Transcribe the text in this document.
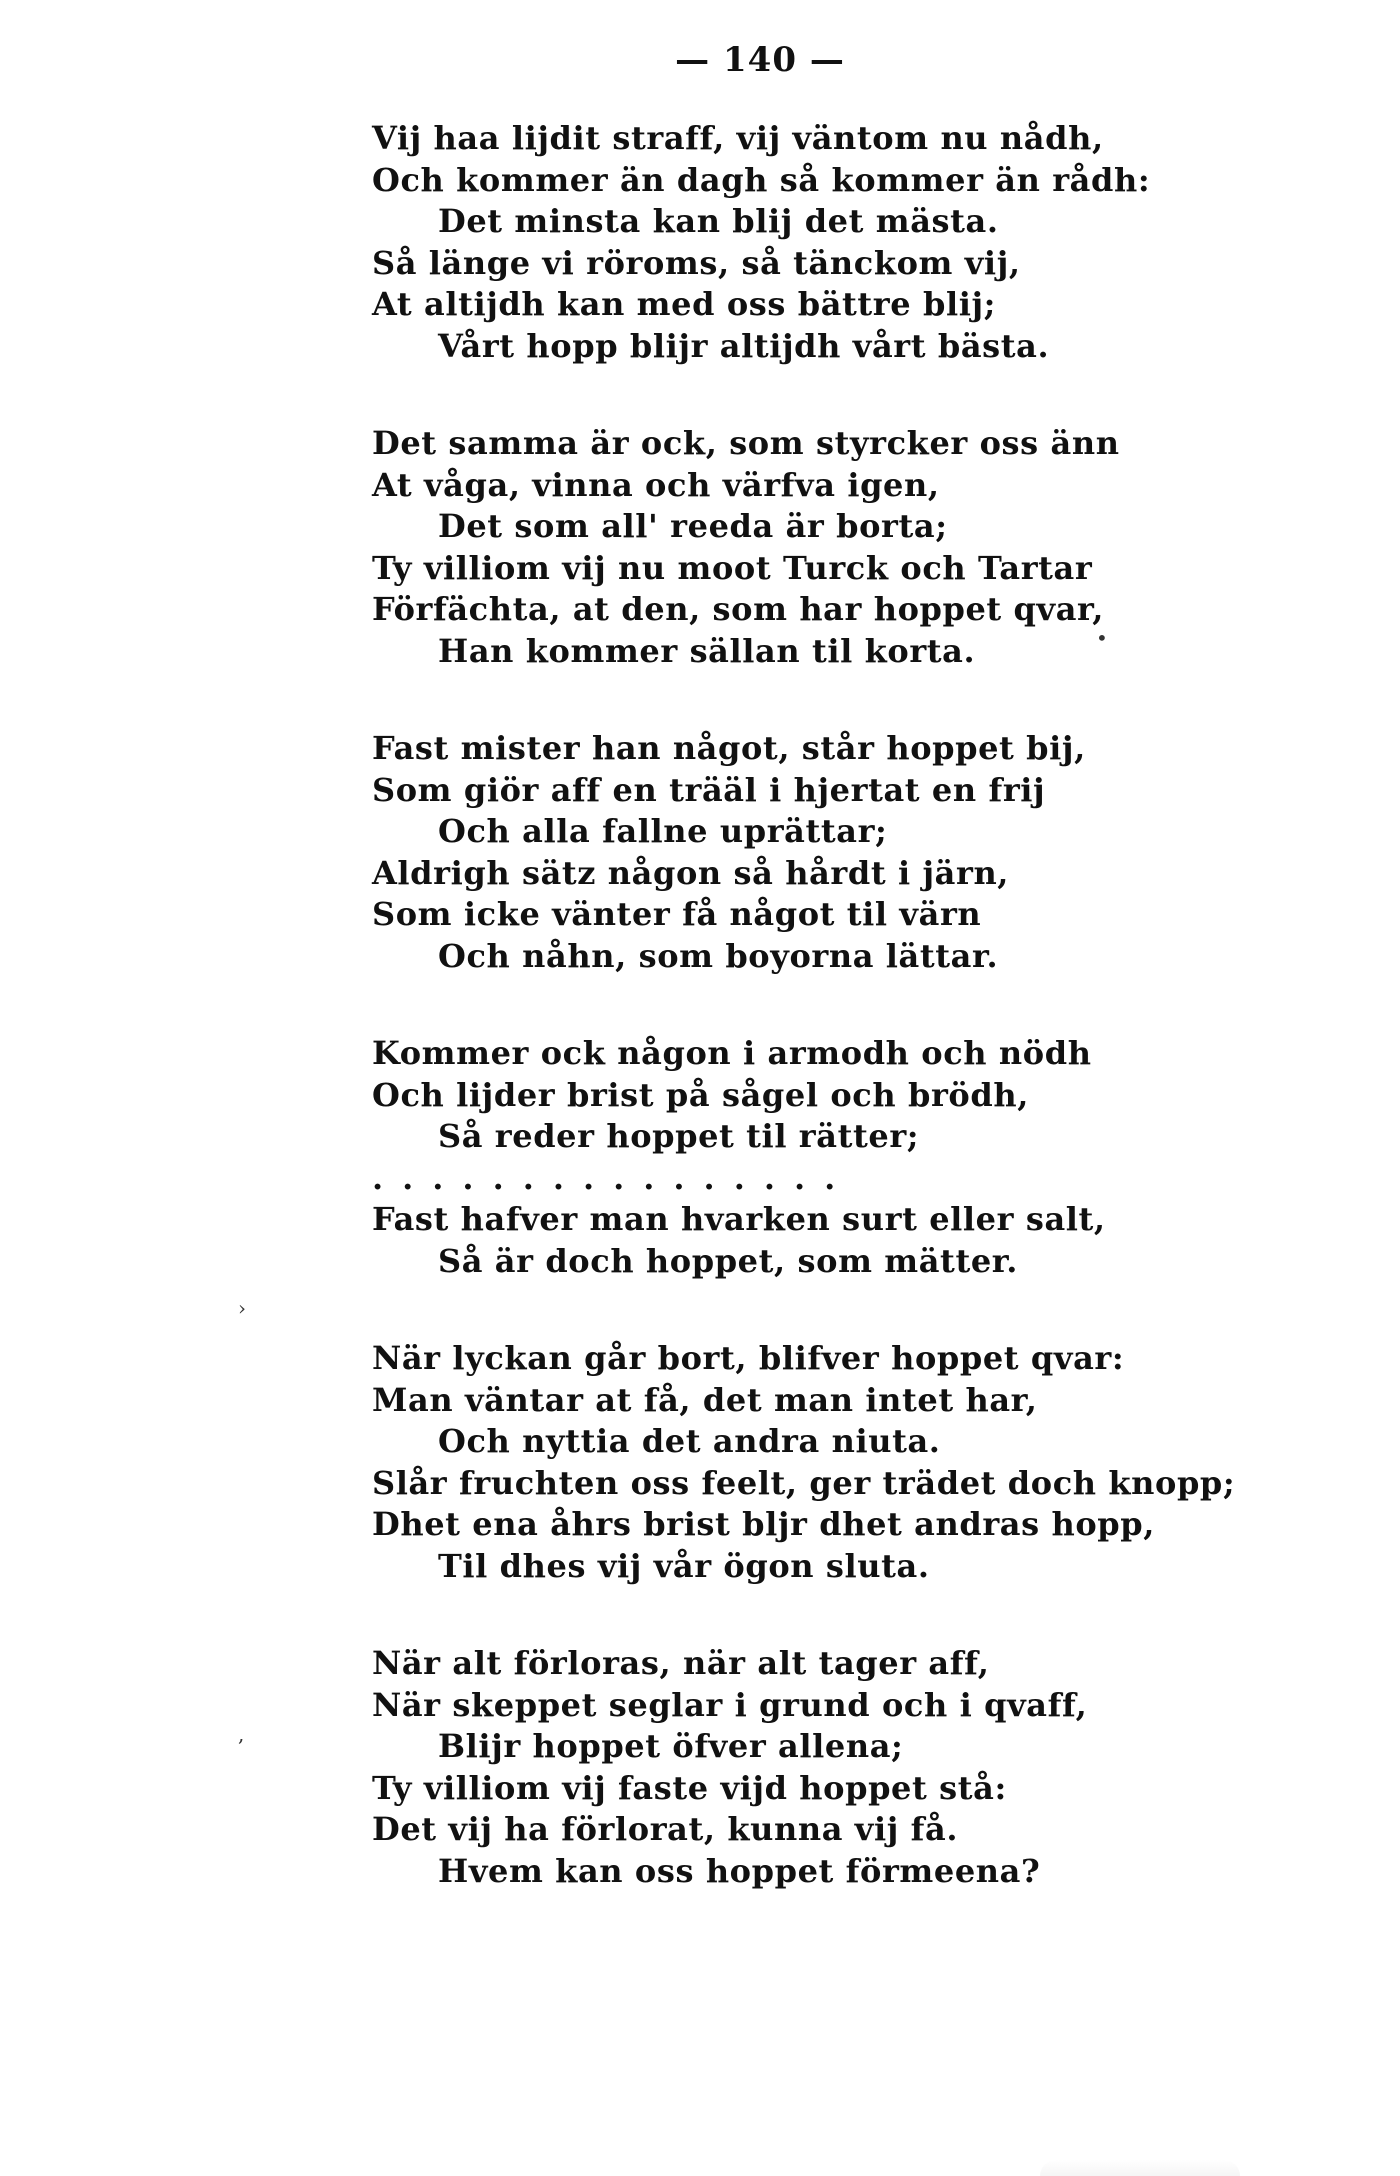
— 140 —
Vij haa lijdit straff, vij väntom nu nådh,
Och kommer än dagh så kommer än rådh:
Det minsta kan blij det mästa.
Så länge vi röroms, så tänckom vij,
At altijdh kan med oss bättre blij;
Vårt hopp blijr altijdh vårt bästa.
Det samma är ock, som styrcker oss änn
At våga, vinna och värfva igen,
Det som all' reeda är borta;
Ty villiom vij nu moot Turck och Tartar
Förfächta, at den, som har hoppet qvar,
Han kommer sällan til korta.
Fast mister han något, står hoppet bij,
Som giör aff en trääl i hjertat en frij
Och alla fallne uprättar;
Aldrigh sätz någon så hårdt i järn,
Som icke vänter få något til värn
Och nåhn, som boyorna lättar.
Kommer ock någon i armodh och nödh
Och lijder brist på sågel och brödh,
Så reder hoppet til rätter;
................
Fast hafver man hvarken surt eller salt,
Så är doch hoppet, som mätter.
När lyckan går bort, blifver hoppet qvar:
Man väntar at få, det man intet har,
Och nyttia det andra niuta.
Slår fruchten oss feelt, ger trädet doch knopp;
Dhet ena åhrs brist bljr dhet andras hopp,
Til dhes vij vår ögon sluta.
När alt förloras, när alt tager aff,
När skeppet seglar i grund och i qvaff,
Blijr hoppet öfver allena;
Ty villiom vij faste vijd hoppet stå:
Det vij ha förlorat, kunna vij få.
Hvem kan oss hoppet förmeena?
•
›
,
